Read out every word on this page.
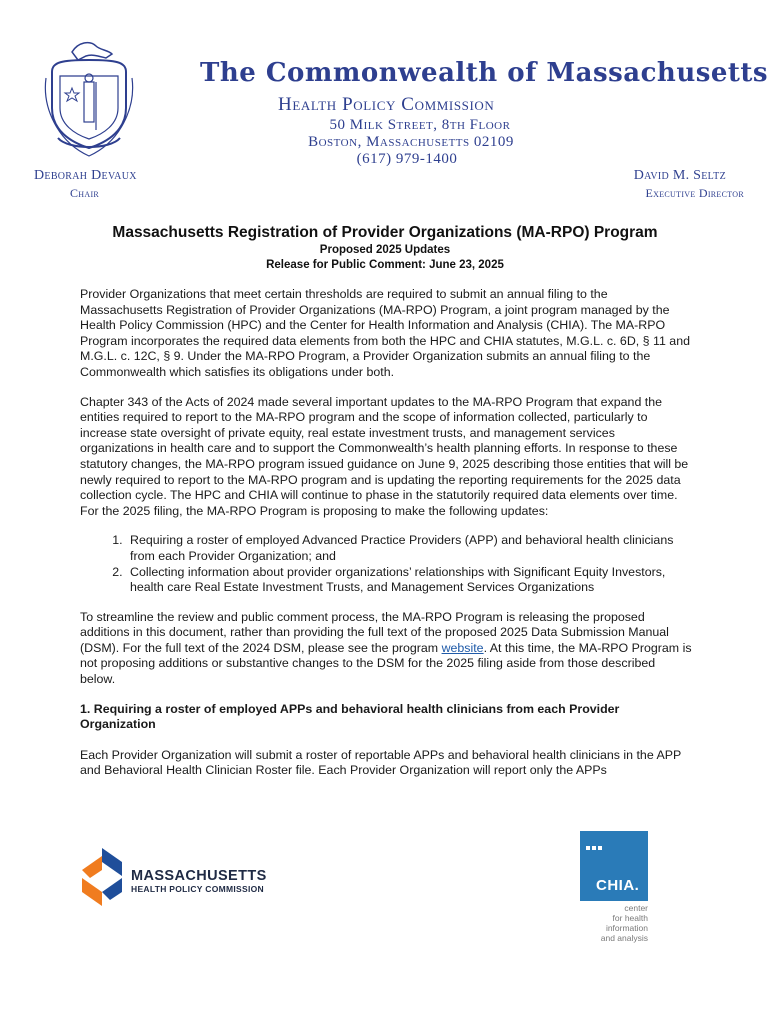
The Commonwealth of Massachusetts
Health Policy Commission
50 Milk Street, 8th Floor
Boston, Massachusetts 02109
(617) 979-1400
Deborah Devaux
Chair
David M. Seltz
Executive Director
Massachusetts Registration of Provider Organizations (MA-RPO) Program
Proposed 2025 Updates
Release for Public Comment: June 23, 2025

Provider Organizations that meet certain thresholds are required to submit an annual filing to the Massachusetts Registration of Provider Organizations (MA-RPO) Program, a joint program managed by the Health Policy Commission (HPC) and the Center for Health Information and Analysis (CHIA). The MA-RPO Program incorporates the required data elements from both the HPC and CHIA statutes, M.G.L. c. 6D, § 11 and M.G.L. c. 12C, § 9. Under the MA-RPO Program, a Provider Organization submits an annual filing to the Commonwealth which satisfies its obligations under both.

Chapter 343 of the Acts of 2024 made several important updates to the MA-RPO Program that expand the entities required to report to the MA-RPO program and the scope of information collected, particularly to increase state oversight of private equity, real estate investment trusts, and management services organizations in health care and to support the Commonwealth’s health planning efforts. In response to these statutory changes, the MA-RPO program issued guidance on June 9, 2025 describing those entities that will be newly required to report to the MA-RPO program and is updating the reporting requirements for the 2025 data collection cycle. The HPC and CHIA will continue to phase in the statutorily required data elements over time. For the 2025 filing, the MA-RPO Program is proposing to make the following updates:

1. Requiring a roster of employed Advanced Practice Providers (APP) and behavioral health clinicians from each Provider Organization; and
2. Collecting information about provider organizations’ relationships with Significant Equity Investors, health care Real Estate Investment Trusts, and Management Services Organizations

To streamline the review and public comment process, the MA-RPO Program is releasing the proposed additions in this document, rather than providing the full text of the proposed 2025 Data Submission Manual (DSM). For the full text of the 2024 DSM, please see the program website. At this time, the MA-RPO Program is not proposing additions or substantive changes to the DSM for the 2025 filing aside from those described below.

1. Requiring a roster of employed APPs and behavioral health clinicians from each Provider Organization

Each Provider Organization will submit a roster of reportable APPs and behavioral health clinicians in the APP and Behavioral Health Clinician Roster file. Each Provider Organization will report only the APPs

MASSACHUSETTS
HEALTH POLICY COMMISSION	CHIA.
center
for health
information
and analysis
